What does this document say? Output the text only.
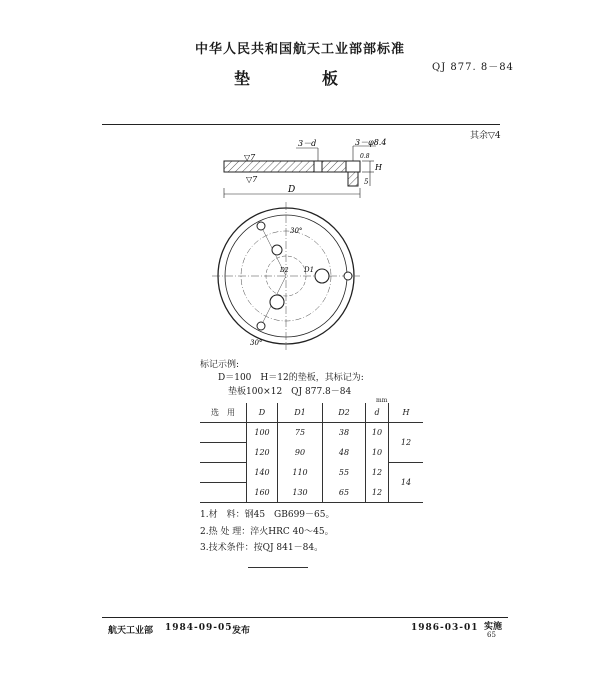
中华人民共和国航天工业部部标准
QJ 877. 8－84
垫　板
其余▽4
3－d	3－φ8.4
▽7
▽7
D
H
5
0.8
30°
30°
D1
D2
标记示例:
D＝100　H＝12的垫板，其标记为:
垫板100×12　QJ 877.8－84
mm
选　用	D	D1	D2	d	H
	100	75	38	10	12
	120	90	48	10	
	140	110	55	12	14
	160	130	65	12	
1.材　料：钢45　GB699－65。
2.热 处 理：淬火HRC 40～45。
3.技术条件：按QJ 841－84。
航天工业部 1984-09-05 发布	1986-03-01 实施
65
